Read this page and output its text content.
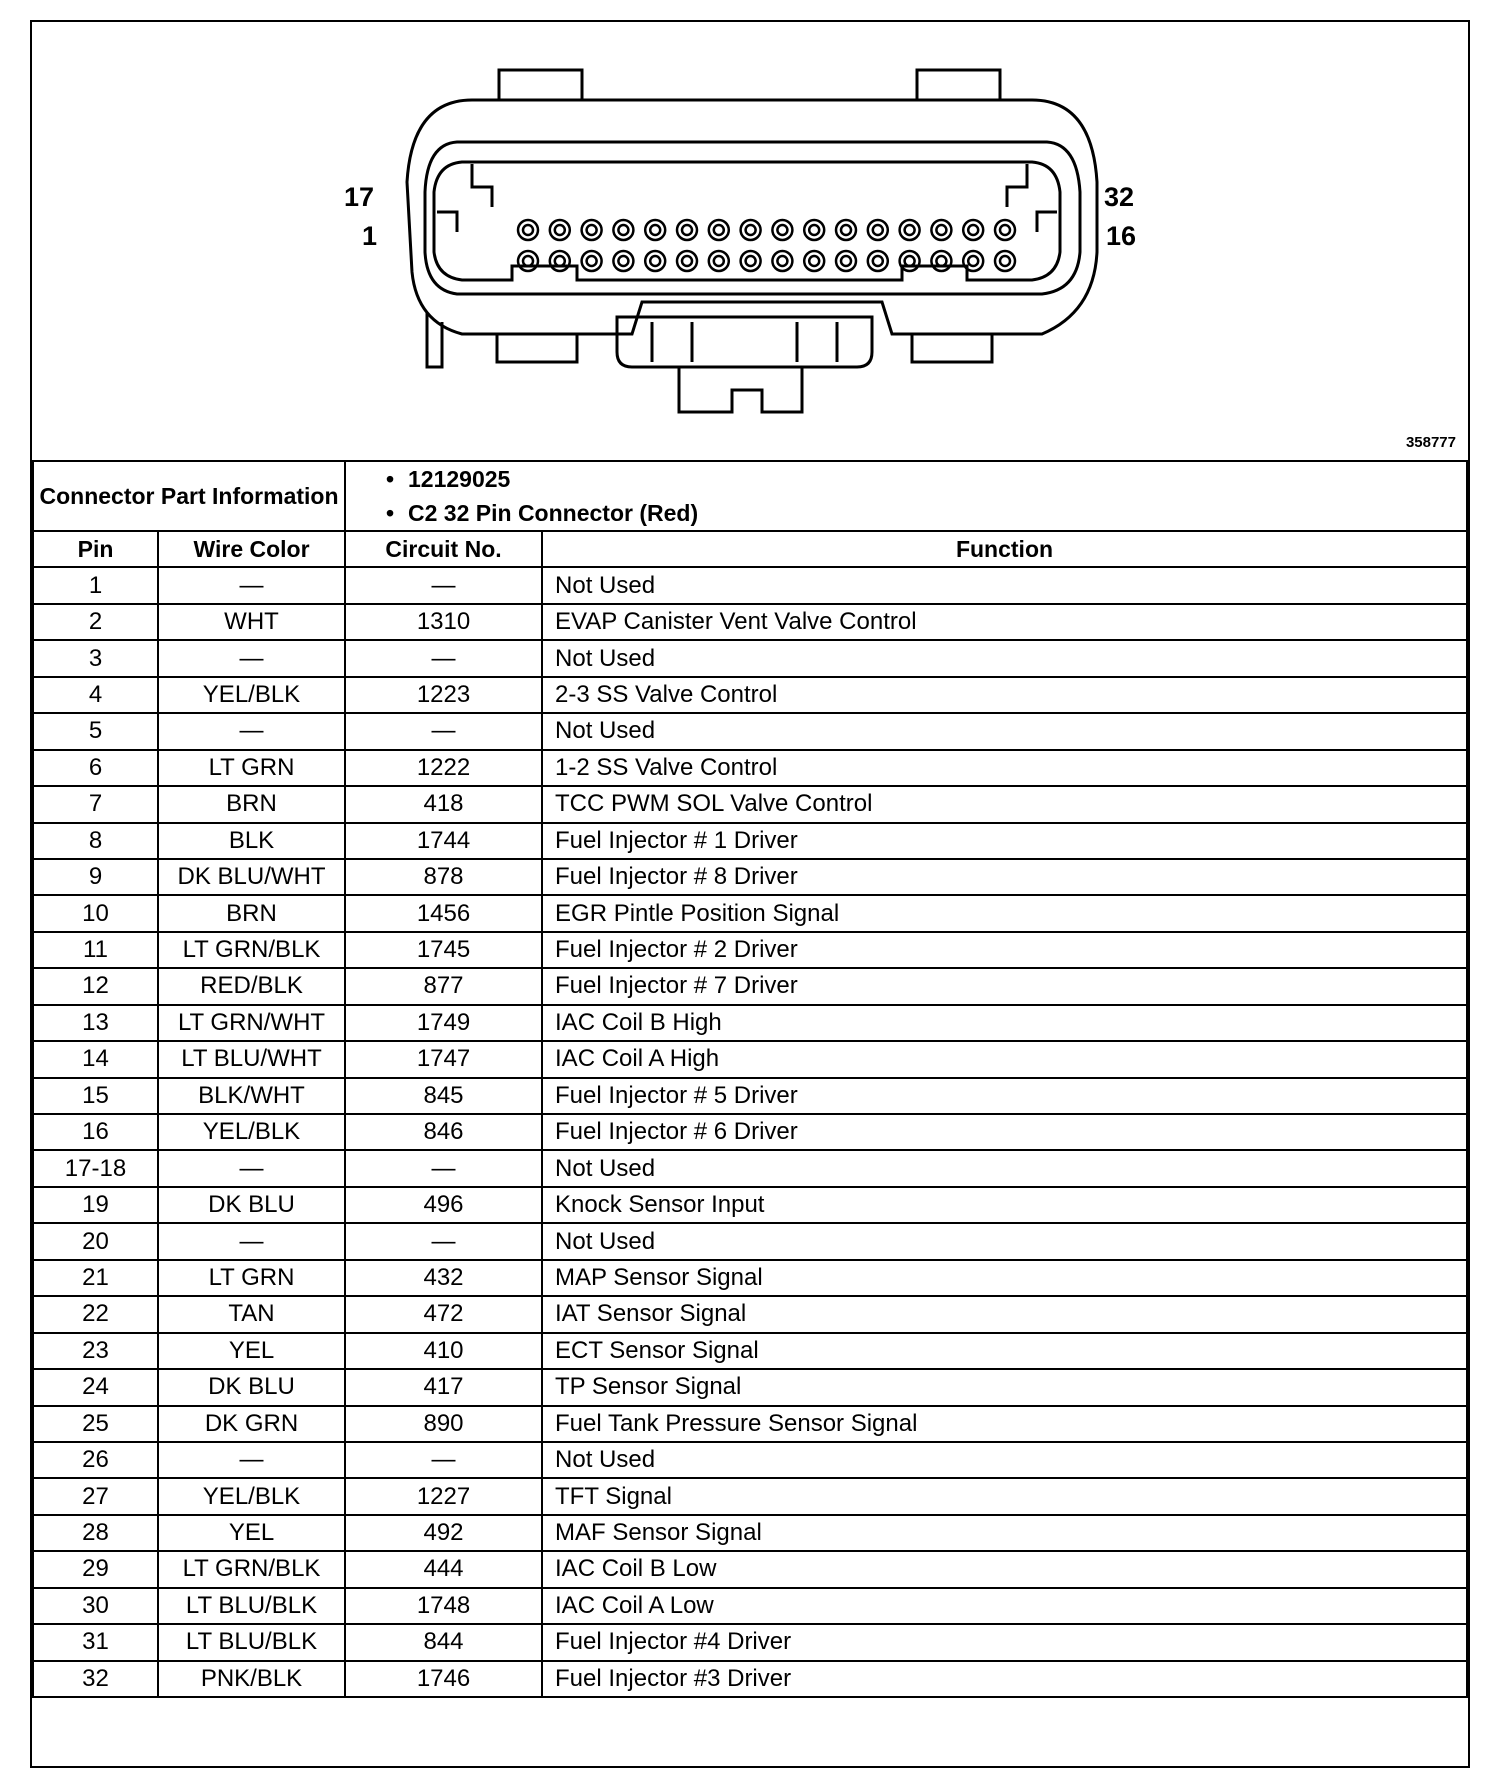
17
1
32
16
358777
Connector Part Information		• 12129025
• C2 32 Pin Connector (Red)	

Pin	Wire Color	Circuit No.	Function
1	—	—	Not Used
2	WHT	1310	EVAP Canister Vent Valve Control
3	—	—	Not Used
4	YEL/BLK	1223	2-3 SS Valve Control
5	—	—	Not Used
6	LT GRN	1222	1-2 SS Valve Control
7	BRN	418	TCC PWM SOL Valve Control
8	BLK	1744	Fuel Injector # 1 Driver
9	DK BLU/WHT	878	Fuel Injector # 8 Driver
10	BRN	1456	EGR Pintle Position Signal
11	LT GRN/BLK	1745	Fuel Injector # 2 Driver
12	RED/BLK	877	Fuel Injector # 7 Driver
13	LT GRN/WHT	1749	IAC Coil B High
14	LT BLU/WHT	1747	IAC Coil A High
15	BLK/WHT	845	Fuel Injector # 5 Driver
16	YEL/BLK	846	Fuel Injector # 6 Driver
17-18	—	—	Not Used
19	DK BLU	496	Knock Sensor Input
20	—	—	Not Used
21	LT GRN	432	MAP Sensor Signal
22	TAN	472	IAT Sensor Signal
23	YEL	410	ECT Sensor Signal
24	DK BLU	417	TP Sensor Signal
25	DK GRN	890	Fuel Tank Pressure Sensor Signal
26	—	—	Not Used
27	YEL/BLK	1227	TFT Signal
28	YEL	492	MAF Sensor Signal
29	LT GRN/BLK	444	IAC Coil B Low
30	LT BLU/BLK	1748	IAC Coil A Low
31	LT BLU/BLK	844	Fuel Injector #4 Driver
32	PNK/BLK	1746	Fuel Injector #3 Driver
